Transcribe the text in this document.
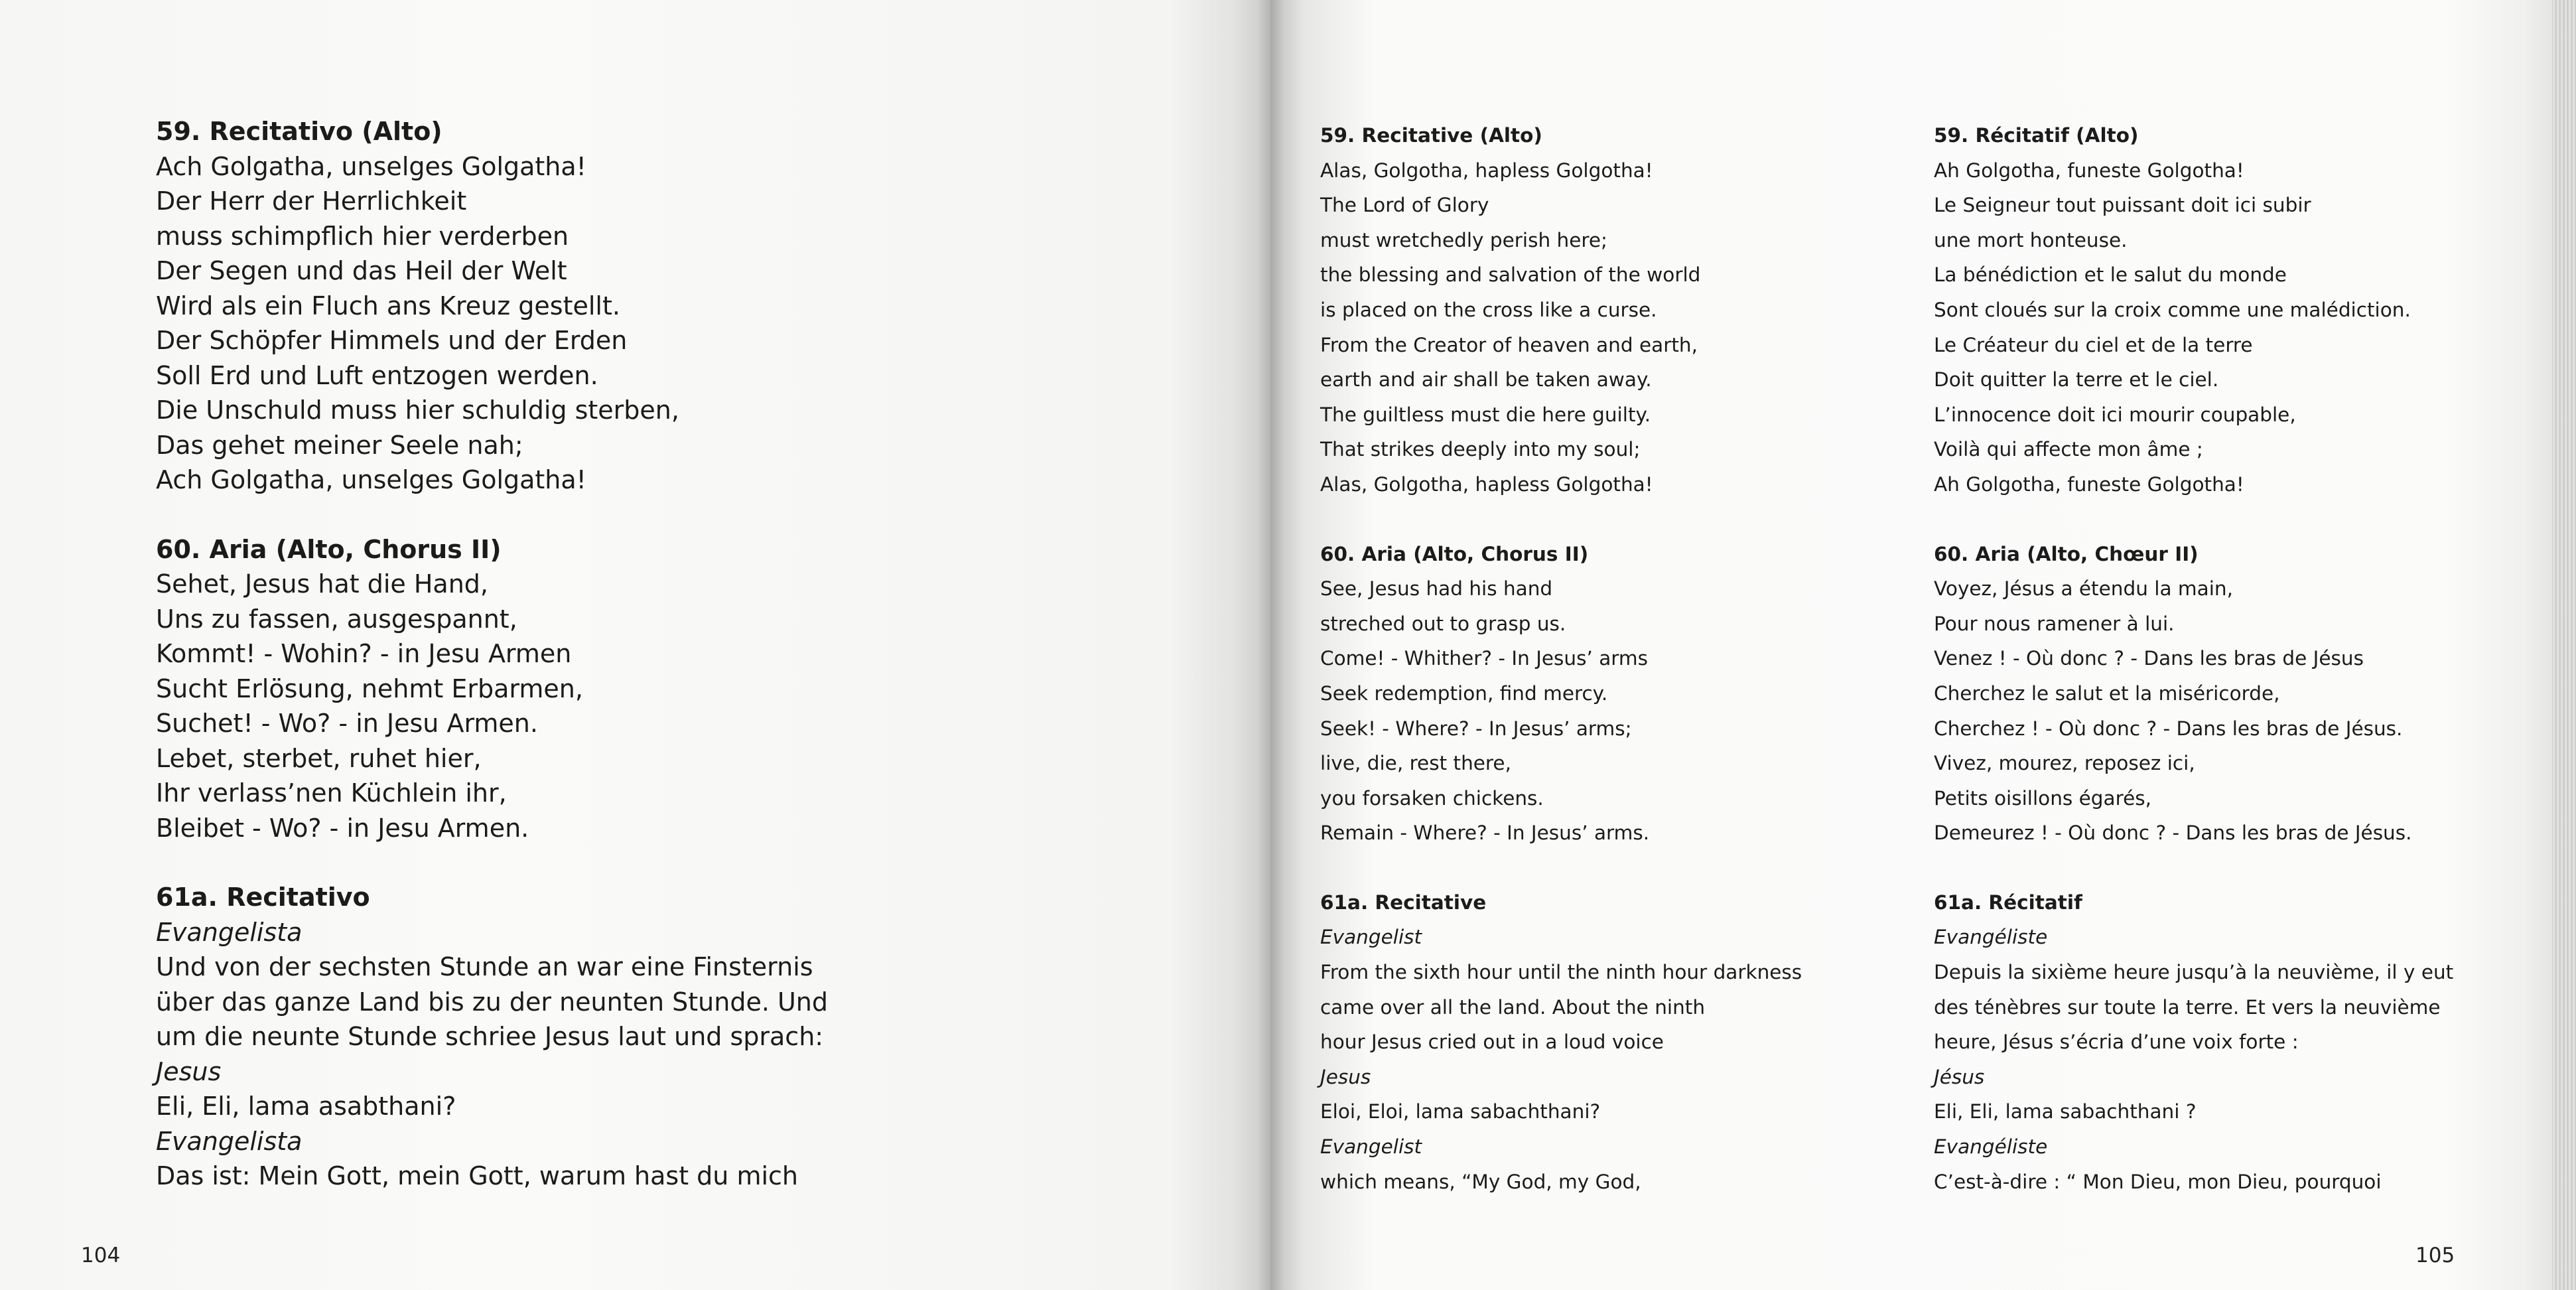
59. Recitativo (Alto)
Ach Golgatha, unselges Golgatha!
Der Herr der Herrlichkeit
muss schimpflich hier verderben
Der Segen und das Heil der Welt
Wird als ein Fluch ans Kreuz gestellt.
Der Schöpfer Himmels und der Erden
Soll Erd und Luft entzogen werden.
Die Unschuld muss hier schuldig sterben,
Das gehet meiner Seele nah;
Ach Golgatha, unselges Golgatha!
60. Aria (Alto, Chorus II)
Sehet, Jesus hat die Hand,
Uns zu fassen, ausgespannt,
Kommt! - Wohin? - in Jesu Armen
Sucht Erlösung, nehmt Erbarmen,
Suchet! - Wo? - in Jesu Armen.
Lebet, sterbet, ruhet hier,
Ihr verlass’nen Küchlein ihr,
Bleibet - Wo? - in Jesu Armen.
61a. Recitativo
Evangelista
Und von der sechsten Stunde an war eine Finsternis
über das ganze Land bis zu der neunten Stunde. Und
um die neunte Stunde schriee Jesus laut und sprach:
Jesus
Eli, Eli, lama asabthani?
Evangelista
Das ist: Mein Gott, mein Gott, warum hast du mich
104
59. Recitative (Alto)
Alas, Golgotha, hapless Golgotha!
The Lord of Glory
must wretchedly perish here;
the blessing and salvation of the world
is placed on the cross like a curse.
From the Creator of heaven and earth,
earth and air shall be taken away.
The guiltless must die here guilty.
That strikes deeply into my soul;
Alas, Golgotha, hapless Golgotha!
60. Aria (Alto, Chorus II)
See, Jesus had his hand
streched out to grasp us.
Come! - Whither? - In Jesus’ arms
Seek redemption, find mercy.
Seek! - Where? - In Jesus’ arms;
live, die, rest there,
you forsaken chickens.
Remain - Where? - In Jesus’ arms.
61a. Recitative
Evangelist
From the sixth hour until the ninth hour darkness
came over all the land. About the ninth
hour Jesus cried out in a loud voice
Jesus
Eloi, Eloi, lama sabachthani?
Evangelist
which means, “My God, my God,
59. Récitatif (Alto)
Ah Golgotha, funeste Golgotha!
Le Seigneur tout puissant doit ici subir
une mort honteuse.
La bénédiction et le salut du monde
Sont cloués sur la croix comme une malédiction.
Le Créateur du ciel et de la terre
Doit quitter la terre et le ciel.
L’innocence doit ici mourir coupable,
Voilà qui affecte mon âme ;
Ah Golgotha, funeste Golgotha!
60. Aria (Alto, Chœur II)
Voyez, Jésus a étendu la main,
Pour nous ramener à lui.
Venez ! - Où donc ? - Dans les bras de Jésus
Cherchez le salut et la miséricorde,
Cherchez ! - Où donc ? - Dans les bras de Jésus.
Vivez, mourez, reposez ici,
Petits oisillons égarés,
Demeurez ! - Où donc ? - Dans les bras de Jésus.
61a. Récitatif
Evangéliste
Depuis la sixième heure jusqu’à la neuvième, il y eut
des ténèbres sur toute la terre. Et vers la neuvième
heure, Jésus s’écria d’une voix forte :
Jésus
Eli, Eli, lama sabachthani ?
Evangéliste
C’est-à-dire : “ Mon Dieu, mon Dieu, pourquoi
105
